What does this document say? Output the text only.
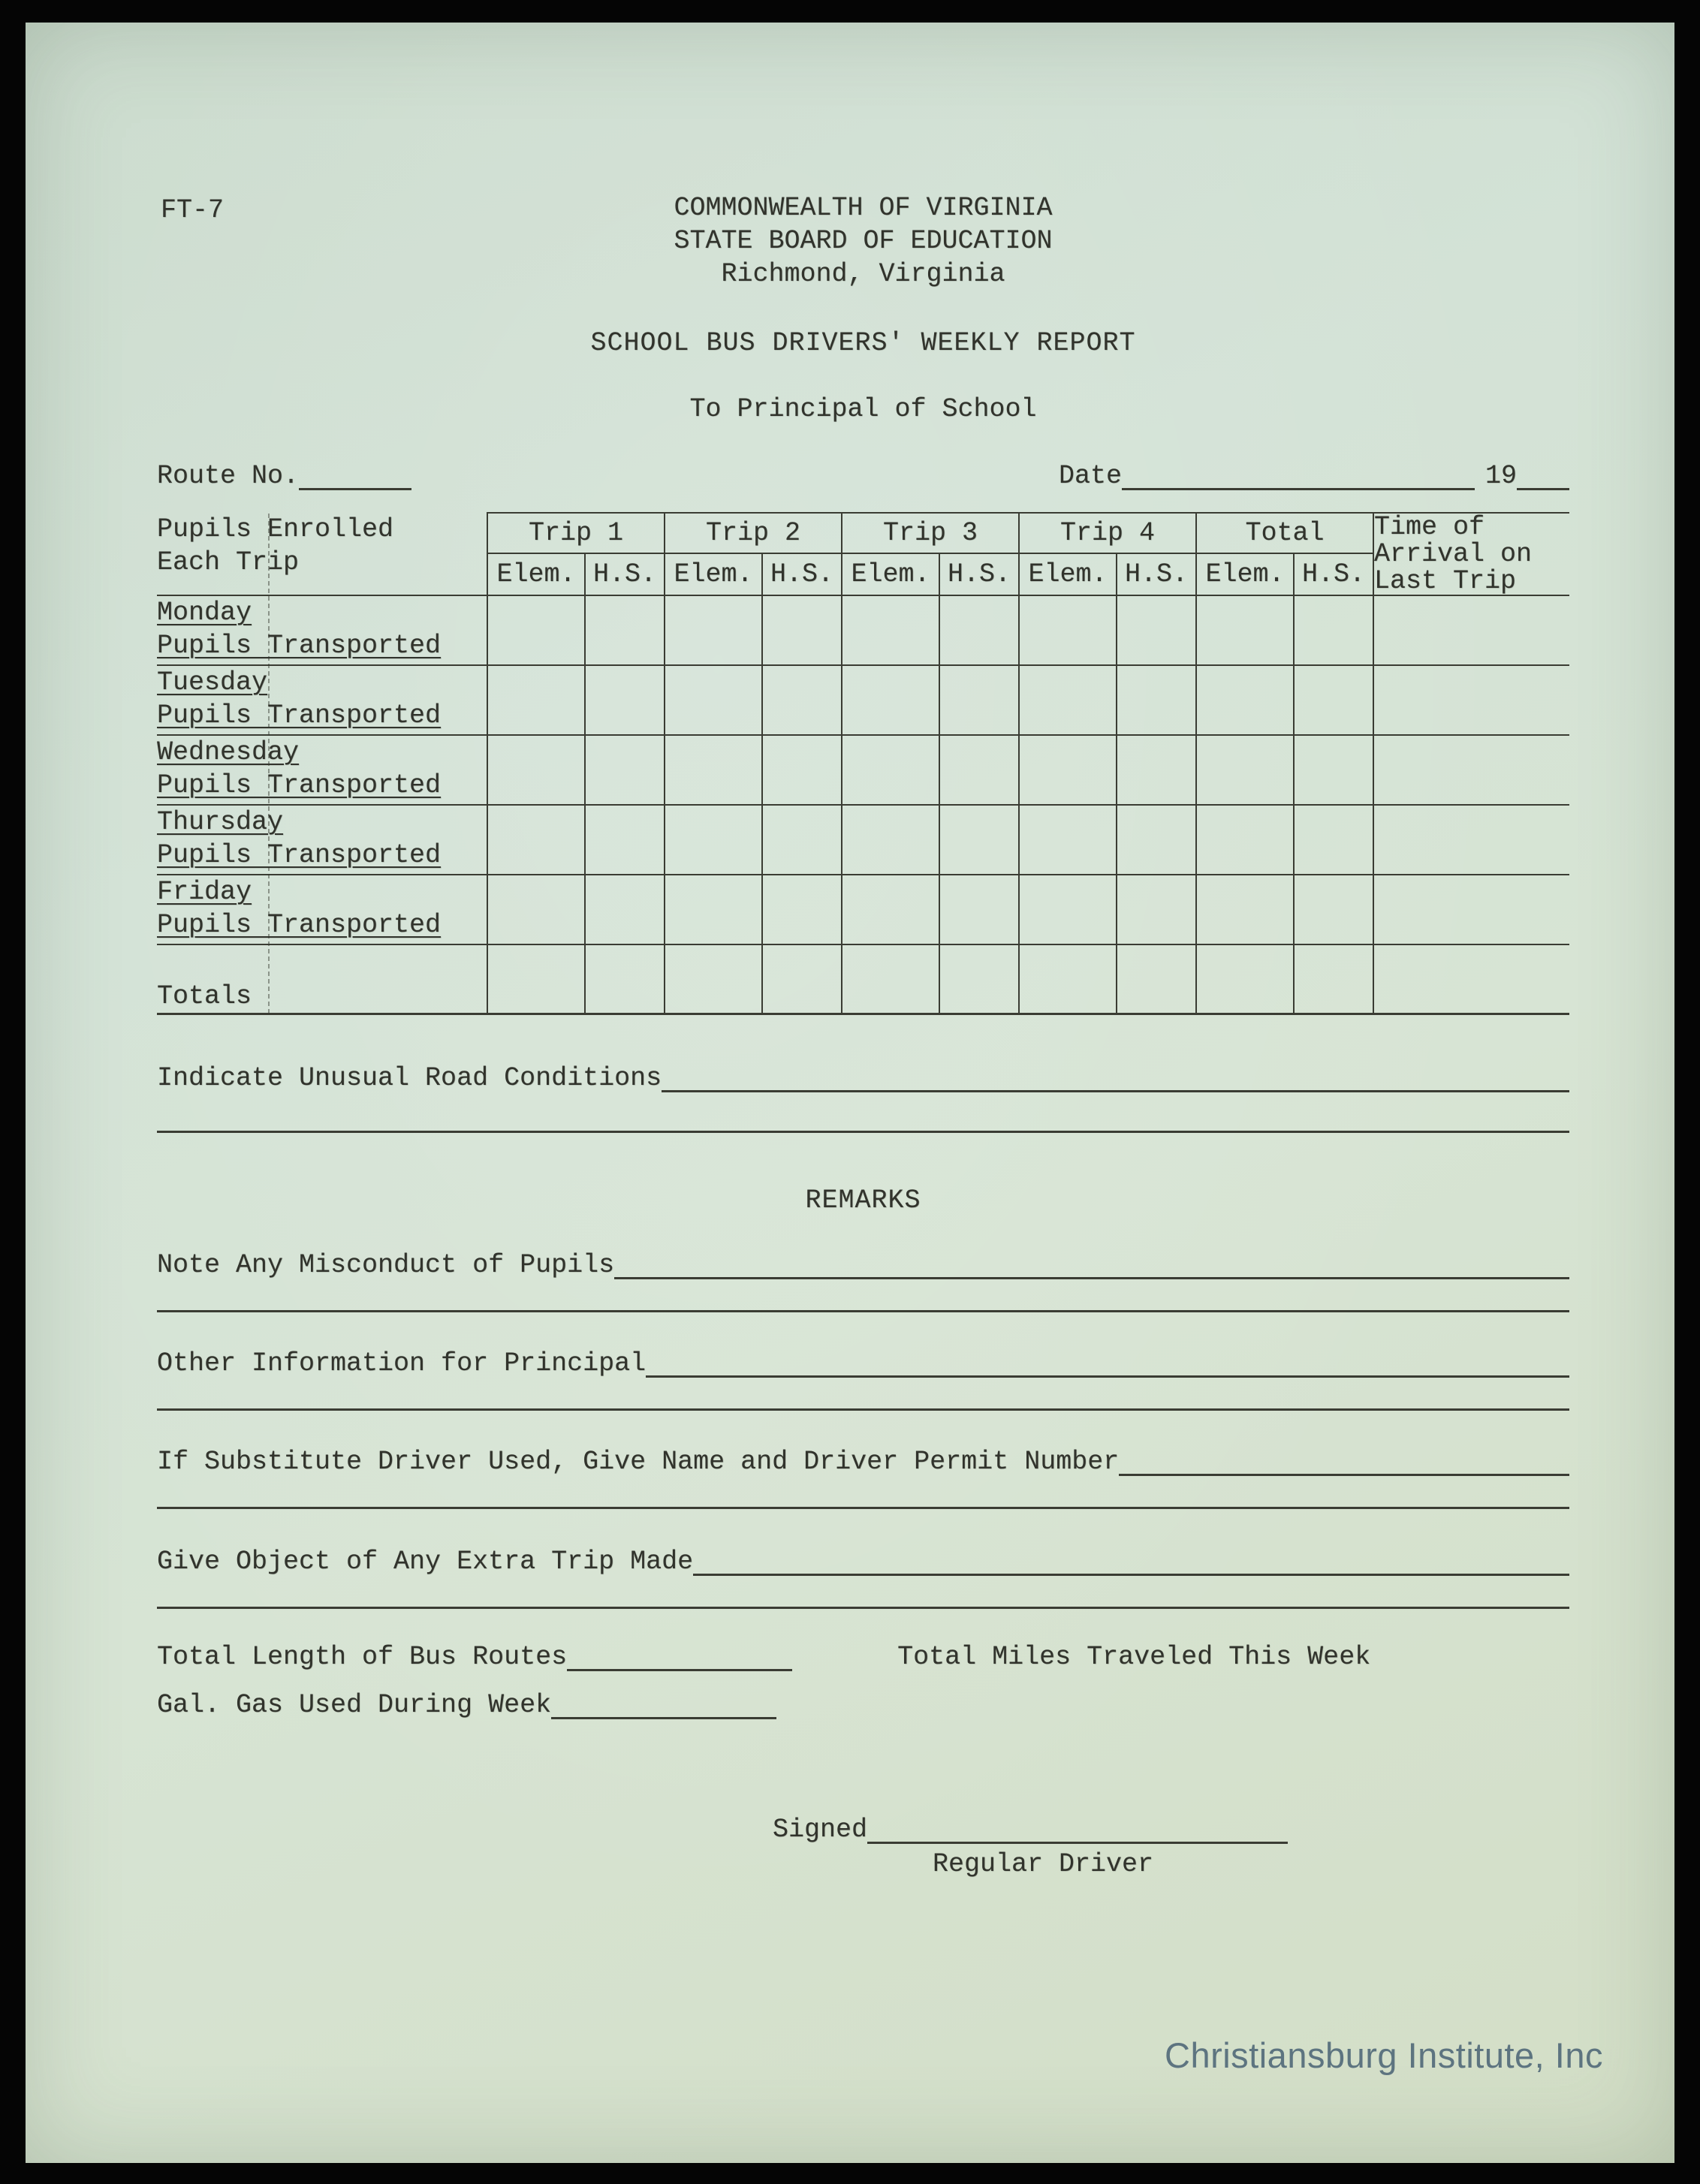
FT-7	COMMONWEALTH OF VIRGINIA
STATE BOARD OF EDUCATION
Richmond, Virginia
SCHOOL BUS DRIVERS' WEEKLY REPORT
To Principal of School
Route No.	Date	19
Pupils Enrolled
Each Trip
	Trip 1	Trip 2	Trip 3	Trip 4	Total	Time of
Arrival on
Last Trip

	Elem.	H.S.	Elem.	H.S.	Elem.	H.S.	Elem.	H.S.	Elem.	H.S.	
Monday											
Pupils Transported											
Tuesday											
Pupils Transported											
Wednesday											
Pupils Transported											
Thursday											
Pupils Transported											
Friday											
Pupils Transported											
Totals											
Indicate Unusual Road Conditions
REMARKS
Note Any Misconduct of Pupils
Other Information for Principal
If Substitute Driver Used, Give Name and Driver Permit Number
Give Object of Any Extra Trip Made
Total Length of Bus Routes	Total Miles Traveled This Week
Gal. Gas Used During Week
Signed
Regular Driver
Christiansburg Institute, Inc
